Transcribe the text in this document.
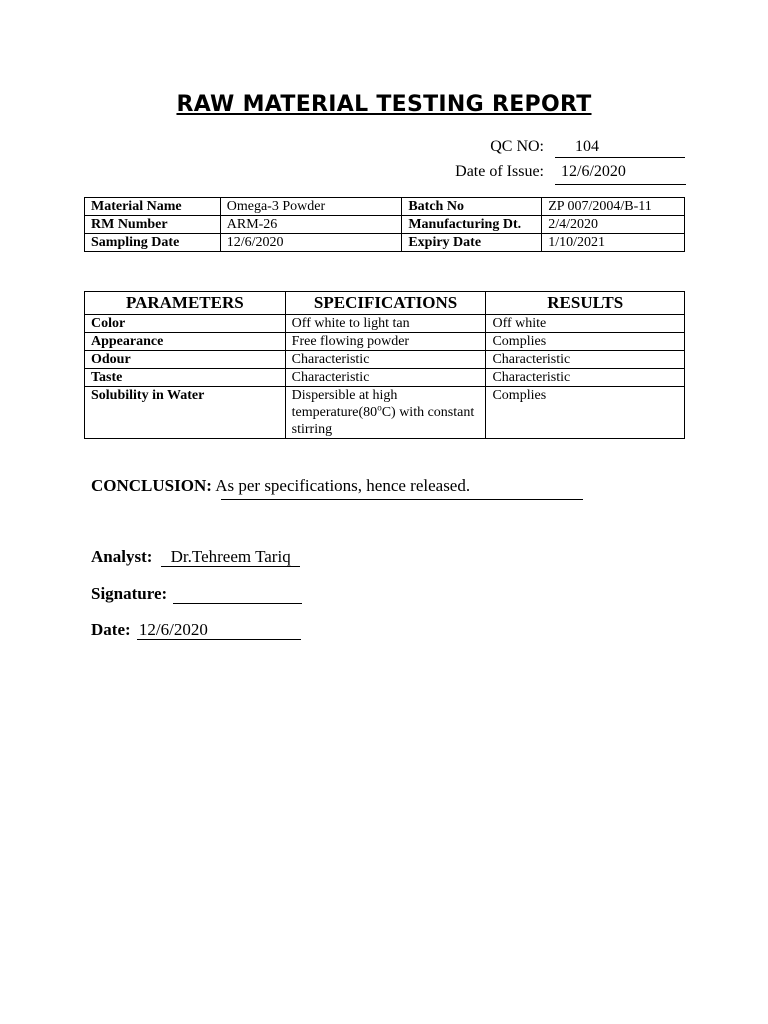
RAW MATERIAL TESTING REPORT
QC NO:	104
Date of Issue:	12/6/2020
Material Name	Omega-3 Powder	Batch No	ZP 007/2004/B-11
RM Number	ARM-26	Manufacturing Dt.	2/4/2020
Sampling Date	12/6/2020	Expiry Date	1/10/2021
PARAMETERS	SPECIFICATIONS	RESULTS
Color	Off white to light tan	Off white
Appearance	Free flowing powder	Complies
Odour	Characteristic	Characteristic
Taste	Characteristic	Characteristic
Solubility in Water	Dispersible at high temperature(80$^o$C) with constant stirring	Complies
CONCLUSION: As per specifications, hence released.
Analyst: Dr.Tehreem Tariq
Signature:
Date: 12/6/2020
